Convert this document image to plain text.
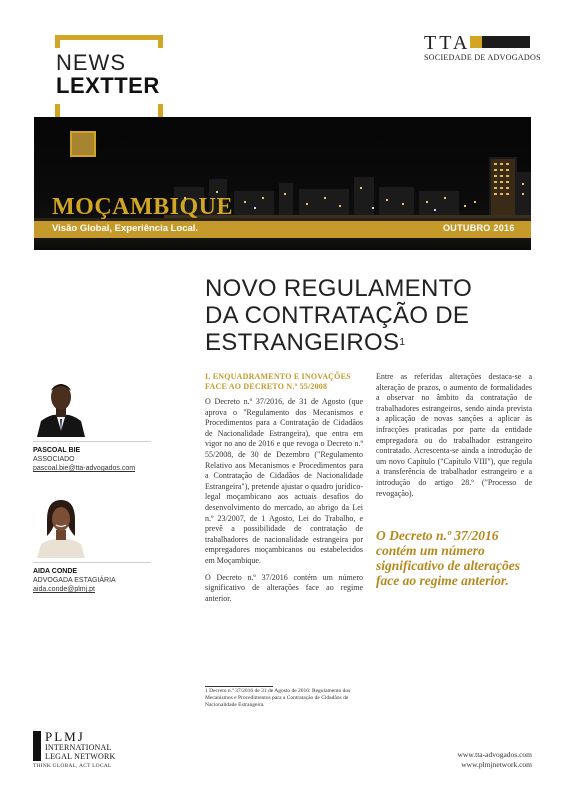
NEWS
LEXTTER
TTA
SOCIEDADE DE ADVOGADOS
MOÇAMBIQUE
Visão Global, Experiência Local.	OUTUBRO 2016
NOVO REGULAMENTO
DA CONTRATAÇÃO DE
ESTRANGEIROS$^1$
I. ENQUADRAMENTO E INOVAÇÕES FACE AO DECRETO N.º 55/2008

O Decreto n.º 37/2016, de 31 de Agosto (que aprova o "Regulamento dos Mecanismos e Procedimentos para a Contratação de Cidadãos de Nacionalidade Estrangeira), que entra em vigor no ano de 2016 e que revoga o Decreto n.º 55/2008, de 30 de Dezembro ("Regulamento Relativo aos Mecanismos e Procedimentos para a Contratação de Cidadãos de Nacionalidade Estrangeira"), pretende ajustar o quadro jurídico-legal moçambicano aos actuais desafios do desenvolvimento do mercado, ao abrigo da Lei n.º 23/2007, de 1 Agosto, Lei do Trabalho, e prevê a possibilidade de contratação de trabalhadores de nacionalidade estrangeira por empregadores moçambicanos ou estabelecidos em Moçambique.

O Decreto n.º 37/2016 contém um número significativo de alterações face ao regime anterior.

Entre as referidas alterações destaca-se a alteração de prazos, o aumento de formalidades a observar no âmbito da contratação de trabalhadores estrangeiros, sendo ainda prevista a aplicação de novas sanções a aplicar às infracções praticadas por parte da entidade empregadora ou do trabalhador estrangeiro contratado. Acrescenta-se ainda a introdução de um novo Capítulo ("Capítulo VIII"), que regula a transferência de trabalhador estrangeiro e a introdução do artigo 28.º ("Processo de revogação).

O Decreto n.º 37/2016 contém um número significativo de alterações face ao regime anterior.
PASCOAL BIE
ASSOCIADO
pascoal.bie@tta-advogados.com
AIDA CONDE
ADVOGADA ESTAGIÁRIA
aida.conde@plmj.pt
1 Decreto n.º 37/2016 de 31 de Agosto de 2016: Regulamento dos Mecanismos e Procedimentos para a Contratação de Cidadãos de Nacionalidade Estrangeira.
PLMJ
INTERNATIONAL
LEGAL NETWORK
THINK GLOBAL, ACT LOCAL
www.tta-advogados.com
www.plmjnetwork.com
